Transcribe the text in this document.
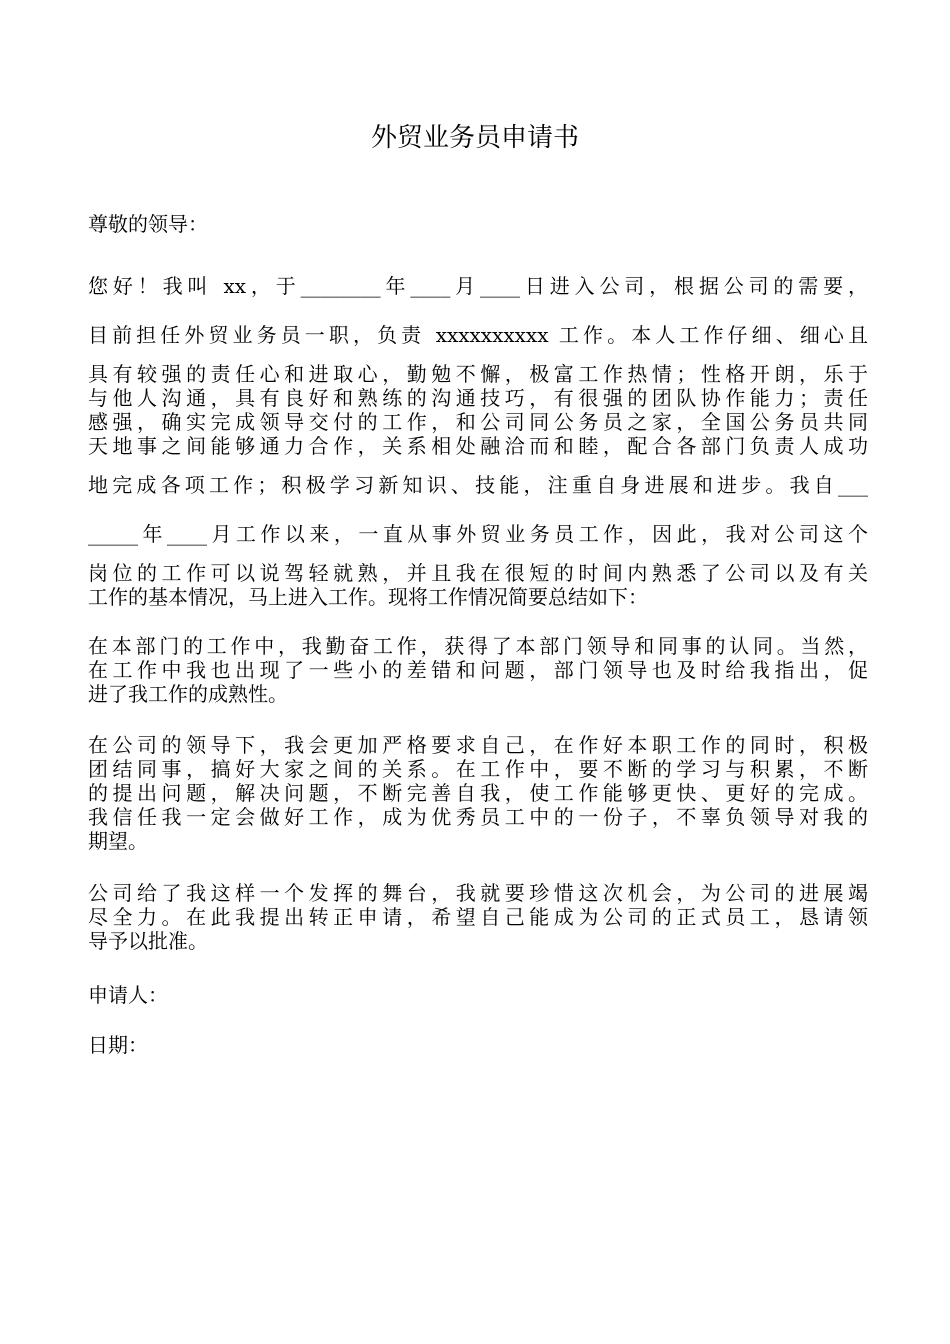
外贸业务员申请书
尊敬的领导：
您好！我叫 xx，于________年____月____日进入公司，根据公司的需要，
目前担任外贸业务员一职，负责 xxxxxxxxxx 工作。本人工作仔细、细心且
具有较强的责任心和进取心，勤勉不懈，极富工作热情；性格开朗，乐于
与他人沟通，具有良好和熟练的沟通技巧，有很强的团队协作能力；责任
感强，确实完成领导交付的工作，和公司同公务员之家，全国公务员共同
天地事之间能够通力合作，关系相处融洽而和睦，配合各部门负责人成功
地完成各项工作；积极学习新知识、技能，注重自身进展和进步。我自___
_____年____月工作以来，一直从事外贸业务员工作，因此，我对公司这个
岗位的工作可以说驾轻就熟，并且我在很短的时间内熟悉了公司以及有关
工作的基本情况，马上进入工作。现将工作情况简要总结如下：
在本部门的工作中，我勤奋工作，获得了本部门领导和同事的认同。当然，
在工作中我也出现了一些小的差错和问题，部门领导也及时给我指出，促
进了我工作的成熟性。
在公司的领导下，我会更加严格要求自己，在作好本职工作的同时，积极
团结同事，搞好大家之间的关系。在工作中，要不断的学习与积累，不断
的提出问题，解决问题，不断完善自我，使工作能够更快、更好的完成。
我信任我一定会做好工作，成为优秀员工中的一份子，不辜负领导对我的
期望。
公司给了我这样一个发挥的舞台，我就要珍惜这次机会，为公司的进展竭
尽全力。在此我提出转正申请，希望自己能成为公司的正式员工，恳请领
导予以批准。
申请人：
日期：
